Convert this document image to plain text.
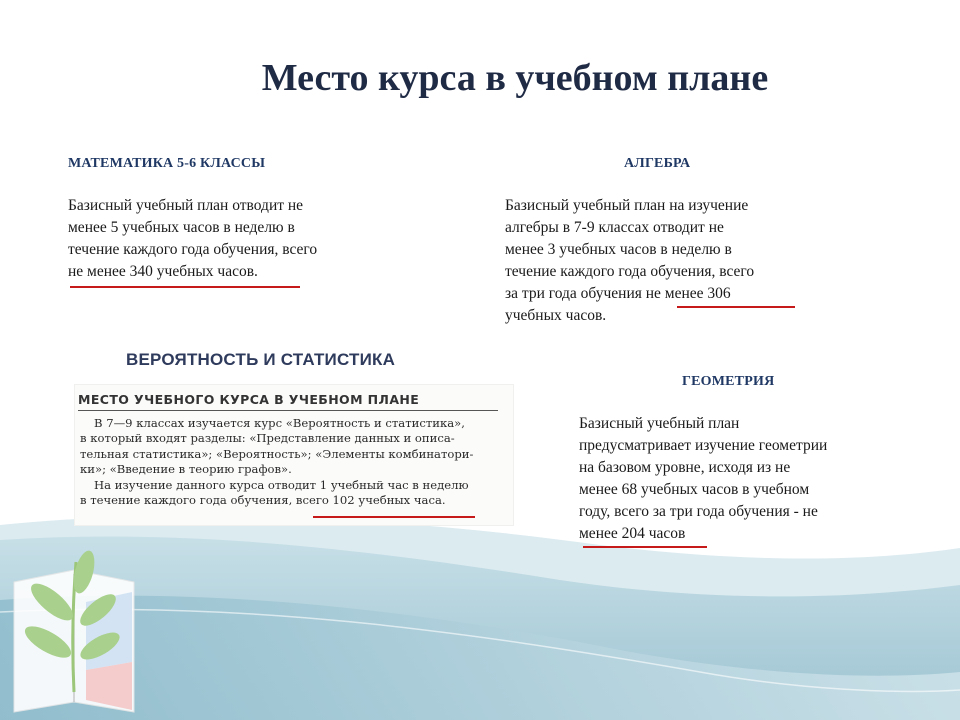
Место курса в учебном плане
МАТЕМАТИКА 5-6 КЛАССЫ
Базисный учебный план отводит не
менее 5 учебных часов в неделю в
течение каждого года обучения, всего
не менее 340 учебных часов.
АЛГЕБРА
Базисный учебный план на изучение
алгебры в 7-9 классах отводит не
менее 3 учебных часов в неделю в
течение каждого года обучения, всего
за три года обучения не менее 306
учебных часов.
ВЕРОЯТНОСТЬ И СТАТИСТИКА

МЕСТО УЧЕБНОГО КУРСА В УЧЕБНОМ ПЛАНЕ

В 7—9 классах изучается курс «Вероятность и статистика»,
в который входят разделы: «Представление данных и описа-
тельная статистика»; «Вероятность»; «Элементы комбинатори-
ки»; «Введение в теорию графов».
На изучение данного курса отводит 1 учебный час в неделю
в течение каждого года обучения, всего 102 учебных часа.
ГЕОМЕТРИЯ
Базисный учебный план
предусматривает изучение геометрии
на базовом уровне, исходя из не
менее 68 учебных часов в учебном
году, всего за три года обучения - не
менее 204 часов
